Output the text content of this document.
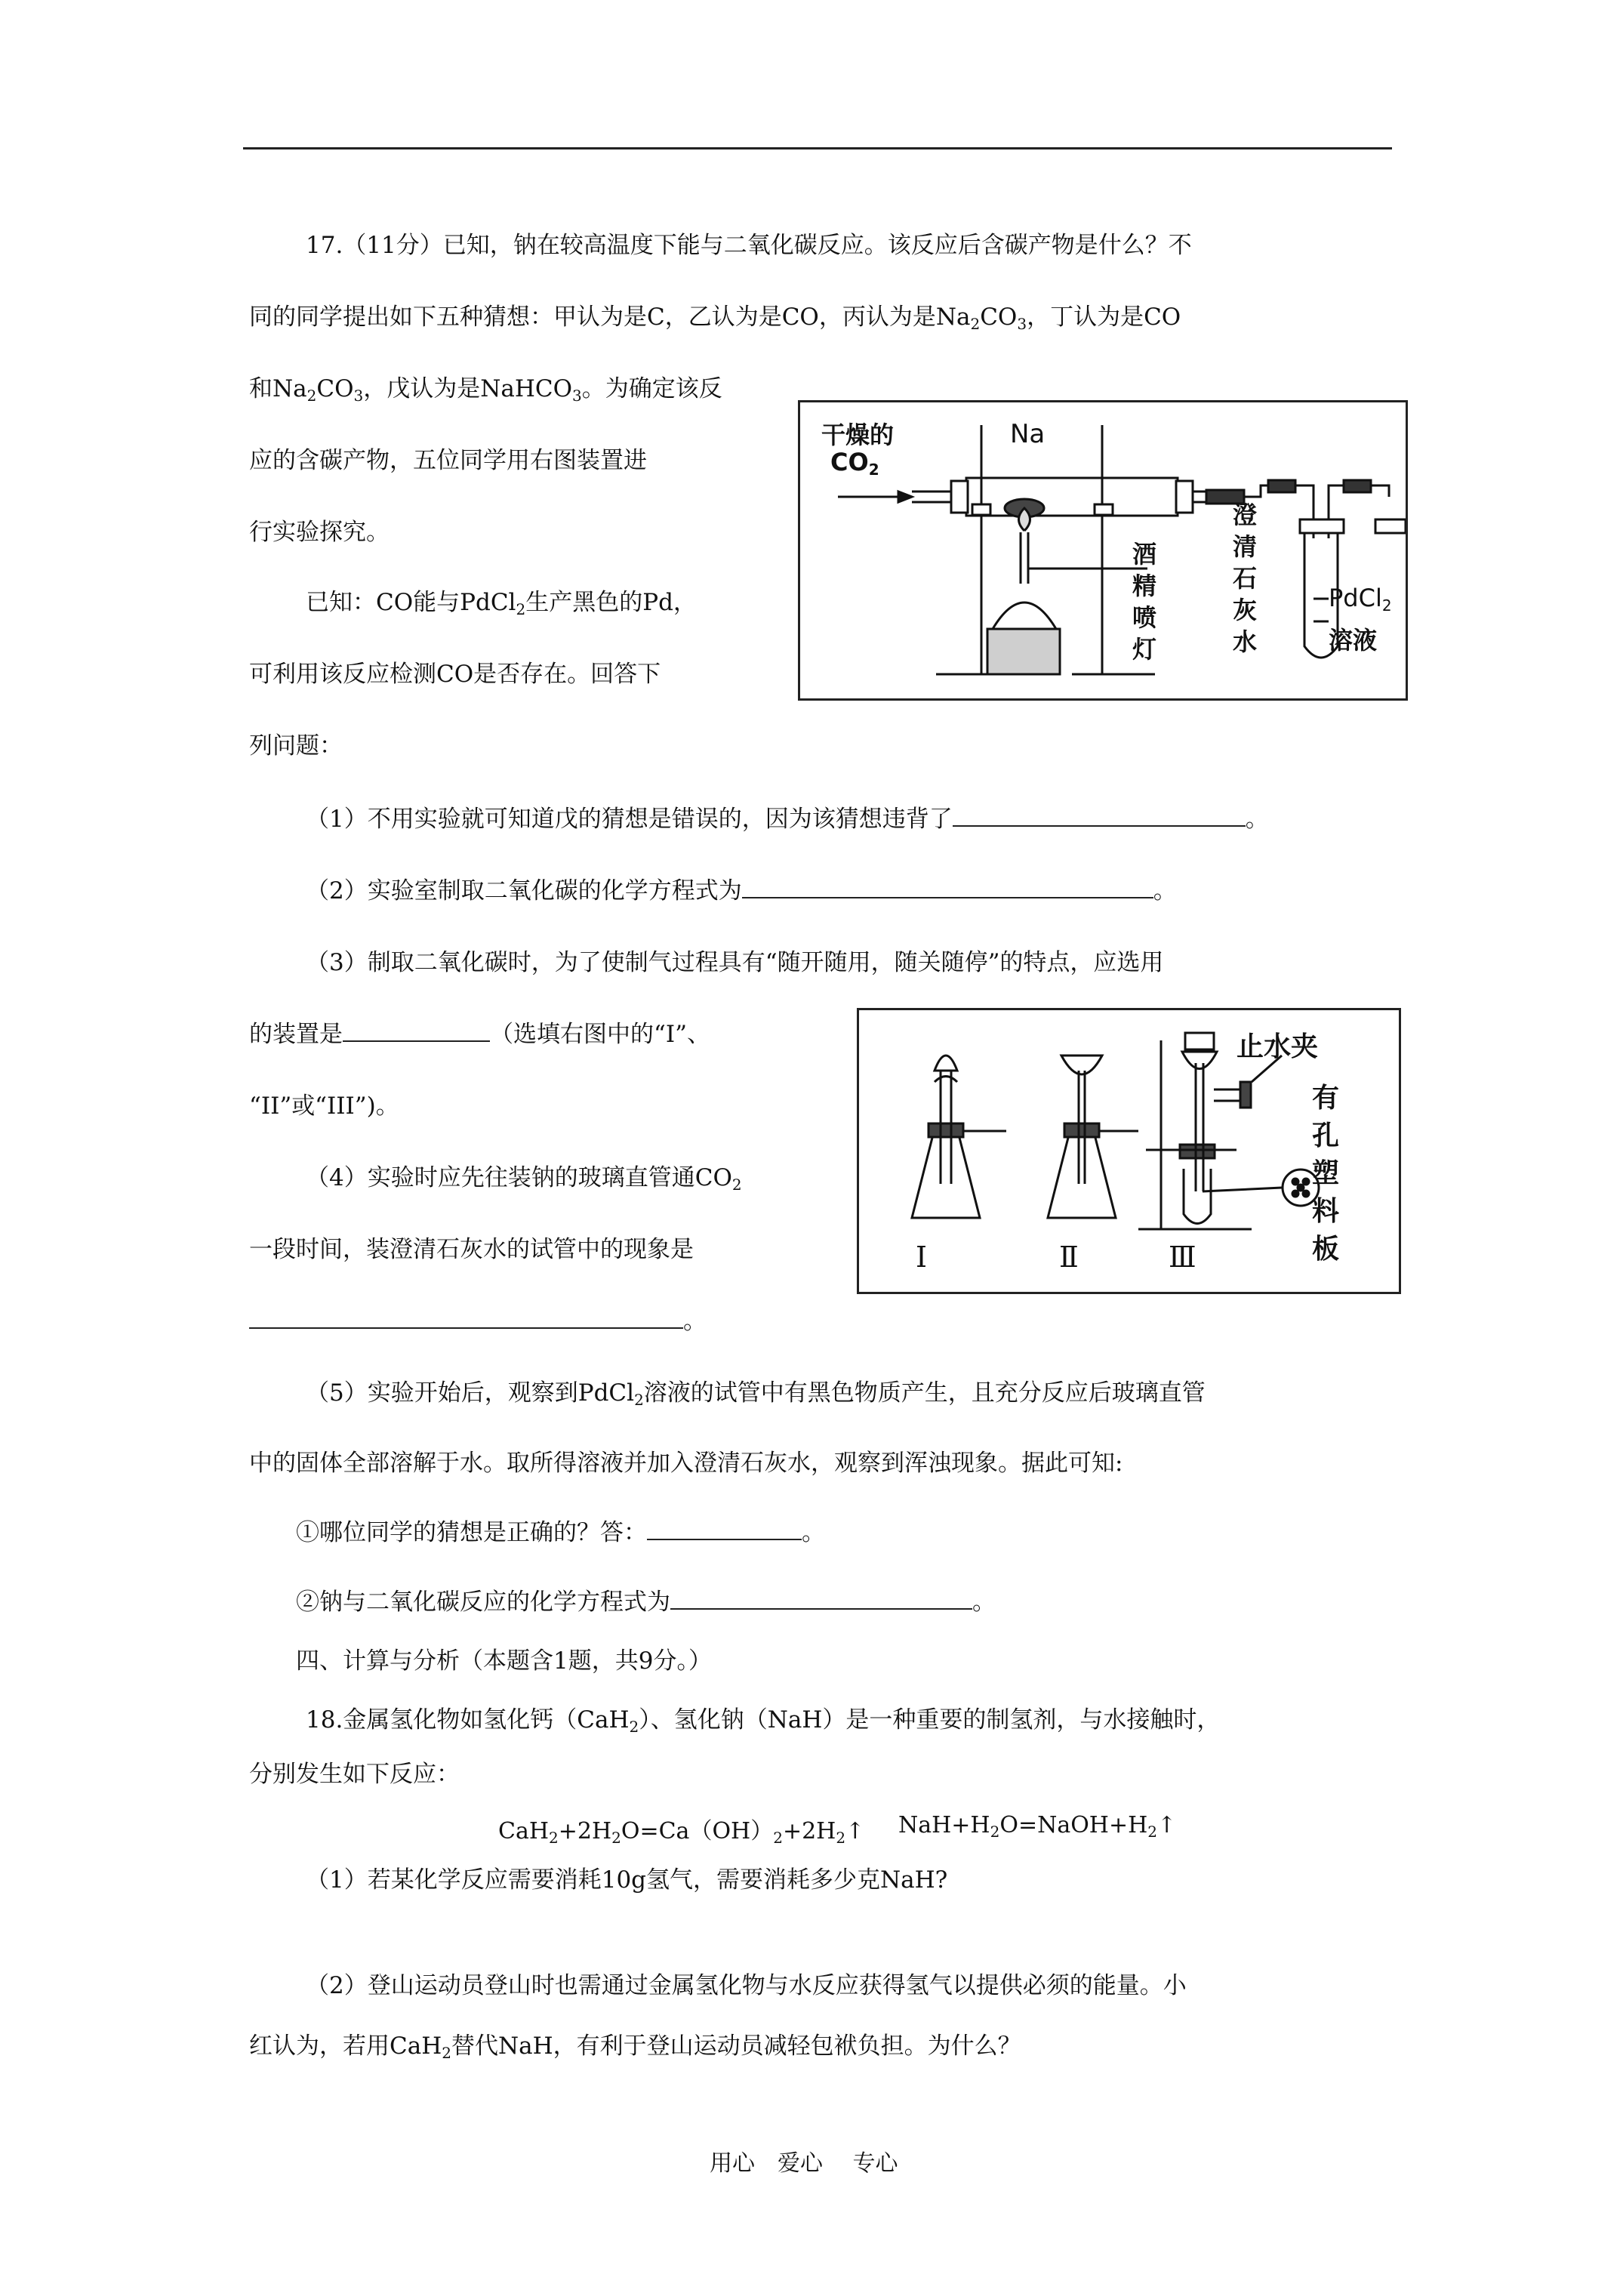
17.（11分）已知，钠在较高温度下能与二氧化碳反应。该反应后含碳产物是什么？不
同的同学提出如下五种猜想：甲认为是C，乙认为是CO，丙认为是$Na_2CO_3$，丁认为是CO
和$Na_2CO_3$，戊认为是NaHCO$_3$。为确定该反
应的含碳产物，五位同学用右图装置进
行实验探究。
已知：CO能与PdCl$_2$生产黑色的Pd，
可利用该反应检测CO是否存在。回答下
列问题：
干燥的
$CO_2$
Na
酒
精
喷
灯
澄
清
石
灰
水
PdCl$_2$
溶液
（1）不用实验就可知道戊的猜想是错误的，因为该猜想违背了	。
（2）实验室制取二氧化碳的化学方程式为	。
（3）制取二氧化碳时，为了使制气过程具有“随开随用，随关随停”的特点，应选用
的装置是	（选填右图中的“I”、
“II”或“III”)。
（4）实验时应先往装钠的玻璃直管通$CO_2$
一段时间，装澄清石灰水的试管中的现象是
。
止水夹
有
孔
塑
料
板
Ⅰ	Ⅱ	Ⅲ
（5）实验开始后，观察到PdCl$_2$溶液的试管中有黑色物质产生，且充分反应后玻璃直管
中的固体全部溶解于水。取所得溶液并加入澄清石灰水，观察到浑浊现象。据此可知:
①哪位同学的猜想是正确的？答：	。
②钠与二氧化碳反应的化学方程式为	。
四、计算与分析（本题含1题，共9分。）
18.金属氢化物如氢化钙（CaH$_2$）、氢化钠（NaH）是一种重要的制氢剂，与水接触时，
分别发生如下反应：
$CaH_2+2H_2O=Ca(OH)_2+2H_2↑$ $NaH+H_2O=NaOH+H_2↑$
（1）若某化学反应需要消耗10g氢气，需要消耗多少克NaH?
（2）登山运动员登山时也需通过金属氢化物与水反应获得氢气以提供必须的能量。小
红认为，若用CaH$_2$替代NaH，有利于登山运动员减轻包袱负担。为什么？
用心　爱心　 专心
